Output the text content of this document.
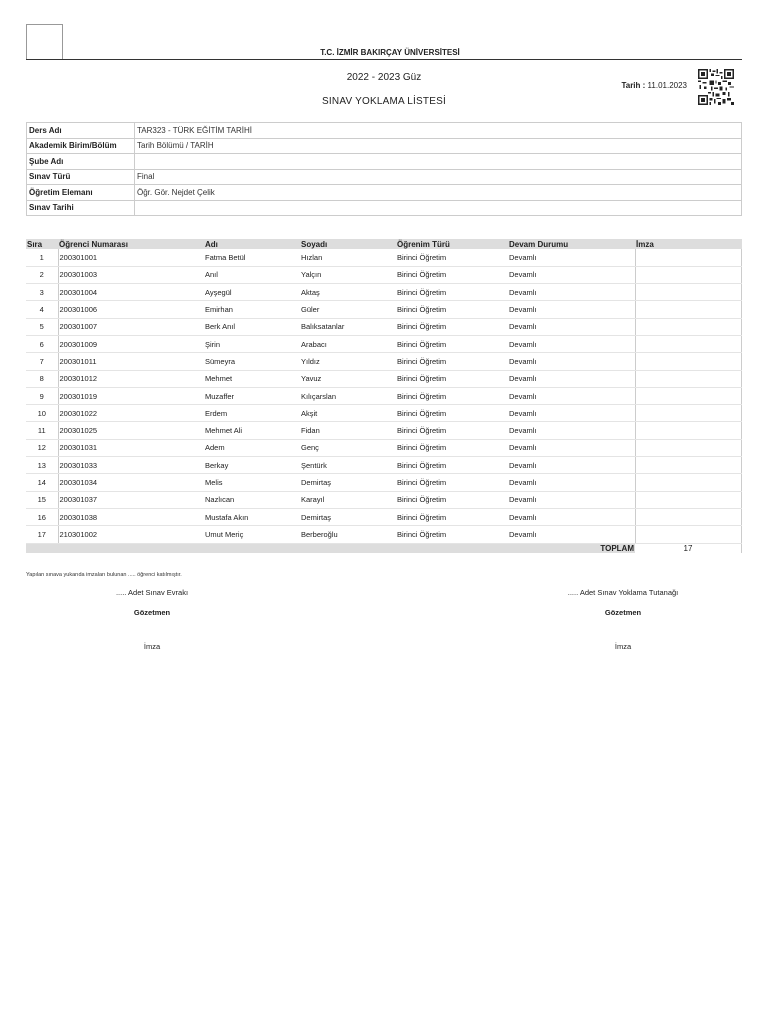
T.C. İZMİR BAKIRÇAY ÜNİVERSİTESİ
2022 - 2023 Güz
SINAV YOKLAMA LİSTESİ
Tarih : 11.01.2023
Ders Adı	TAR323 - TÜRK EĞİTİM TARİHİ
Akademik Birim/Bölüm	Tarih Bölümü / TARİH
Şube Adı	
Sınav Türü	Final
Öğretim Elemanı	Öğr. Gör. Nejdet Çelik
Sınav Tarihi	
Sıra	Öğrenci Numarası	Adı	Soyadı	Öğrenim Türü	Devam Durumu	İmza
1	200301001	Fatma Betül	Hızlan	Birinci Öğretim	Devamlı	
2	200301003	Anıl	Yalçın	Birinci Öğretim	Devamlı	
3	200301004	Ayşegül	Aktaş	Birinci Öğretim	Devamlı	
4	200301006	Emirhan	Güler	Birinci Öğretim	Devamlı	
5	200301007	Berk Anıl	Balıksatanlar	Birinci Öğretim	Devamlı	
6	200301009	Şirin	Arabacı	Birinci Öğretim	Devamlı	
7	200301011	Sümeyra	Yıldız	Birinci Öğretim	Devamlı	
8	200301012	Mehmet	Yavuz	Birinci Öğretim	Devamlı	
9	200301019	Muzaffer	Kılıçarslan	Birinci Öğretim	Devamlı	
10	200301022	Erdem	Akşit	Birinci Öğretim	Devamlı	
11	200301025	Mehmet Ali	Fidan	Birinci Öğretim	Devamlı	
12	200301031	Adem	Genç	Birinci Öğretim	Devamlı	
13	200301033	Berkay	Şentürk	Birinci Öğretim	Devamlı	
14	200301034	Melis	Demirtaş	Birinci Öğretim	Devamlı	
15	200301037	Nazlıcan	Karayıl	Birinci Öğretim	Devamlı	
16	200301038	Mustafa Akın	Demirtaş	Birinci Öğretim	Devamlı	
17	210301002	Umut Meriç	Berberoğlu	Birinci Öğretim	Devamlı	
TOPLAM						17
Yapılan sınava yukarıda imzaları bulunan ..... öğrenci katılmıştır.
..... Adet Sınav Evrakı
Gözetmen
İmza
..... Adet Sınav Yoklama Tutanağı
Gözetmen
İmza
